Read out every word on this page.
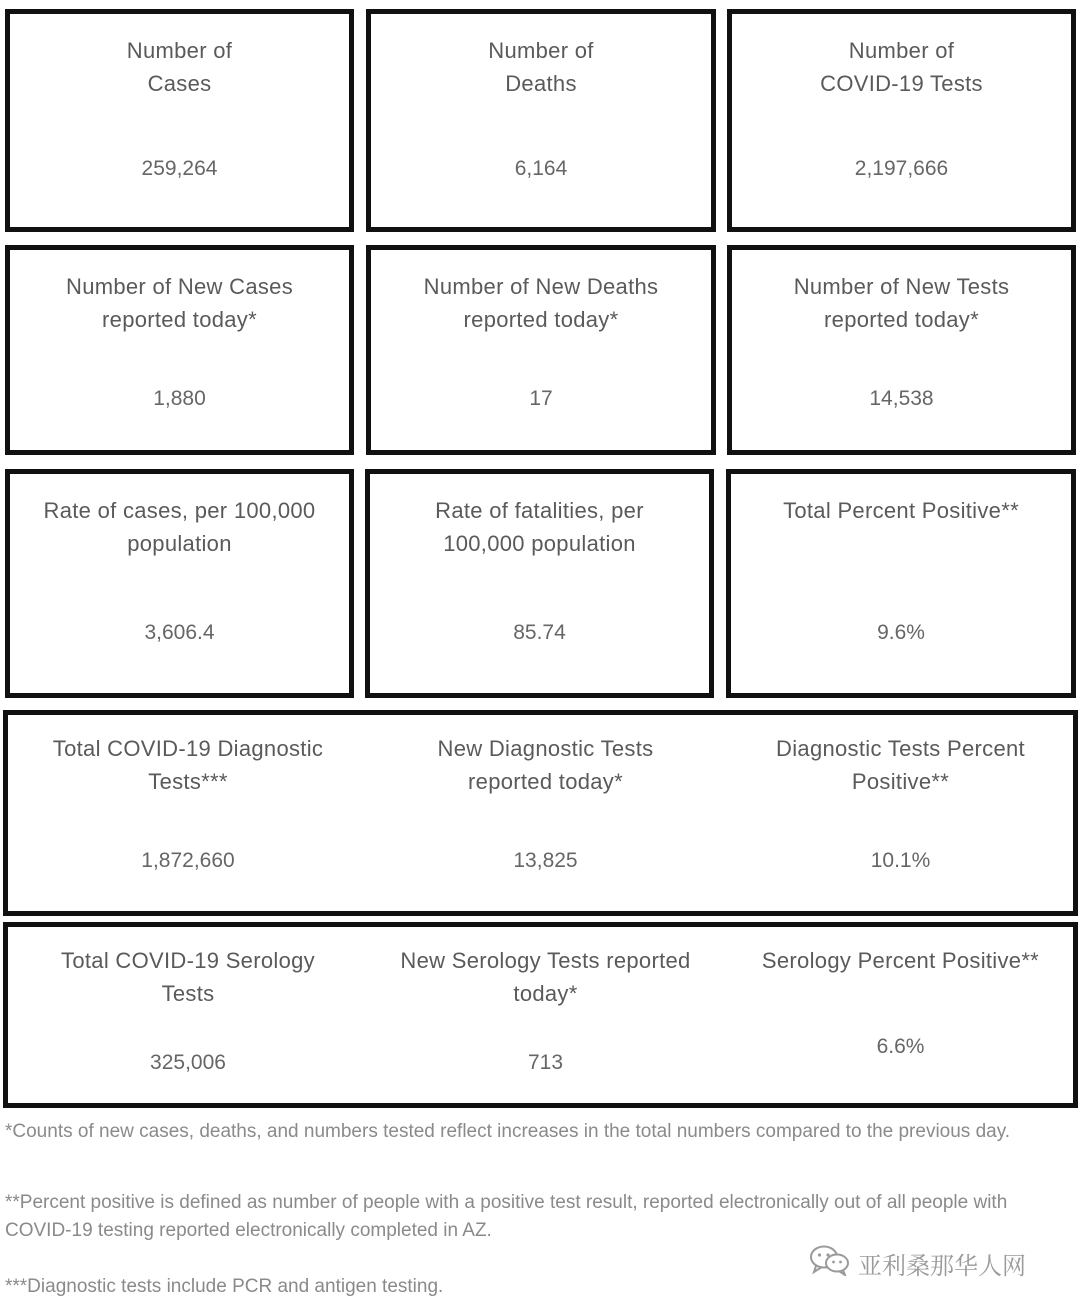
Number of
Cases
259,264
Number of
Deaths
6,164
Number of
COVID-19 Tests
2,197,666
Number of New Cases
reported today*
1,880
Number of New Deaths
reported today*
17
Number of New Tests
reported today*
14,538
Rate of cases, per 100,000
population
3,606.4
Rate of fatalities, per
100,000 population
85.74
Total Percent Positive**
9.6%
Total COVID-19 Diagnostic
Tests***
1,872,660
New Diagnostic Tests
reported today*
13,825
Diagnostic Tests Percent
Positive**
10.1%
Total COVID-19 Serology
Tests
325,006
New Serology Tests reported
today*
713
Serology Percent Positive**
6.6%
*Counts of new cases, deaths, and numbers tested reflect increases in the total numbers compared to the previous day.
**Percent positive is defined as number of people with a positive test result, reported electronically out of all people with COVID-19 testing reported electronically completed in AZ.
***Diagnostic tests include PCR and antigen testing.
亚利桑那华人网
